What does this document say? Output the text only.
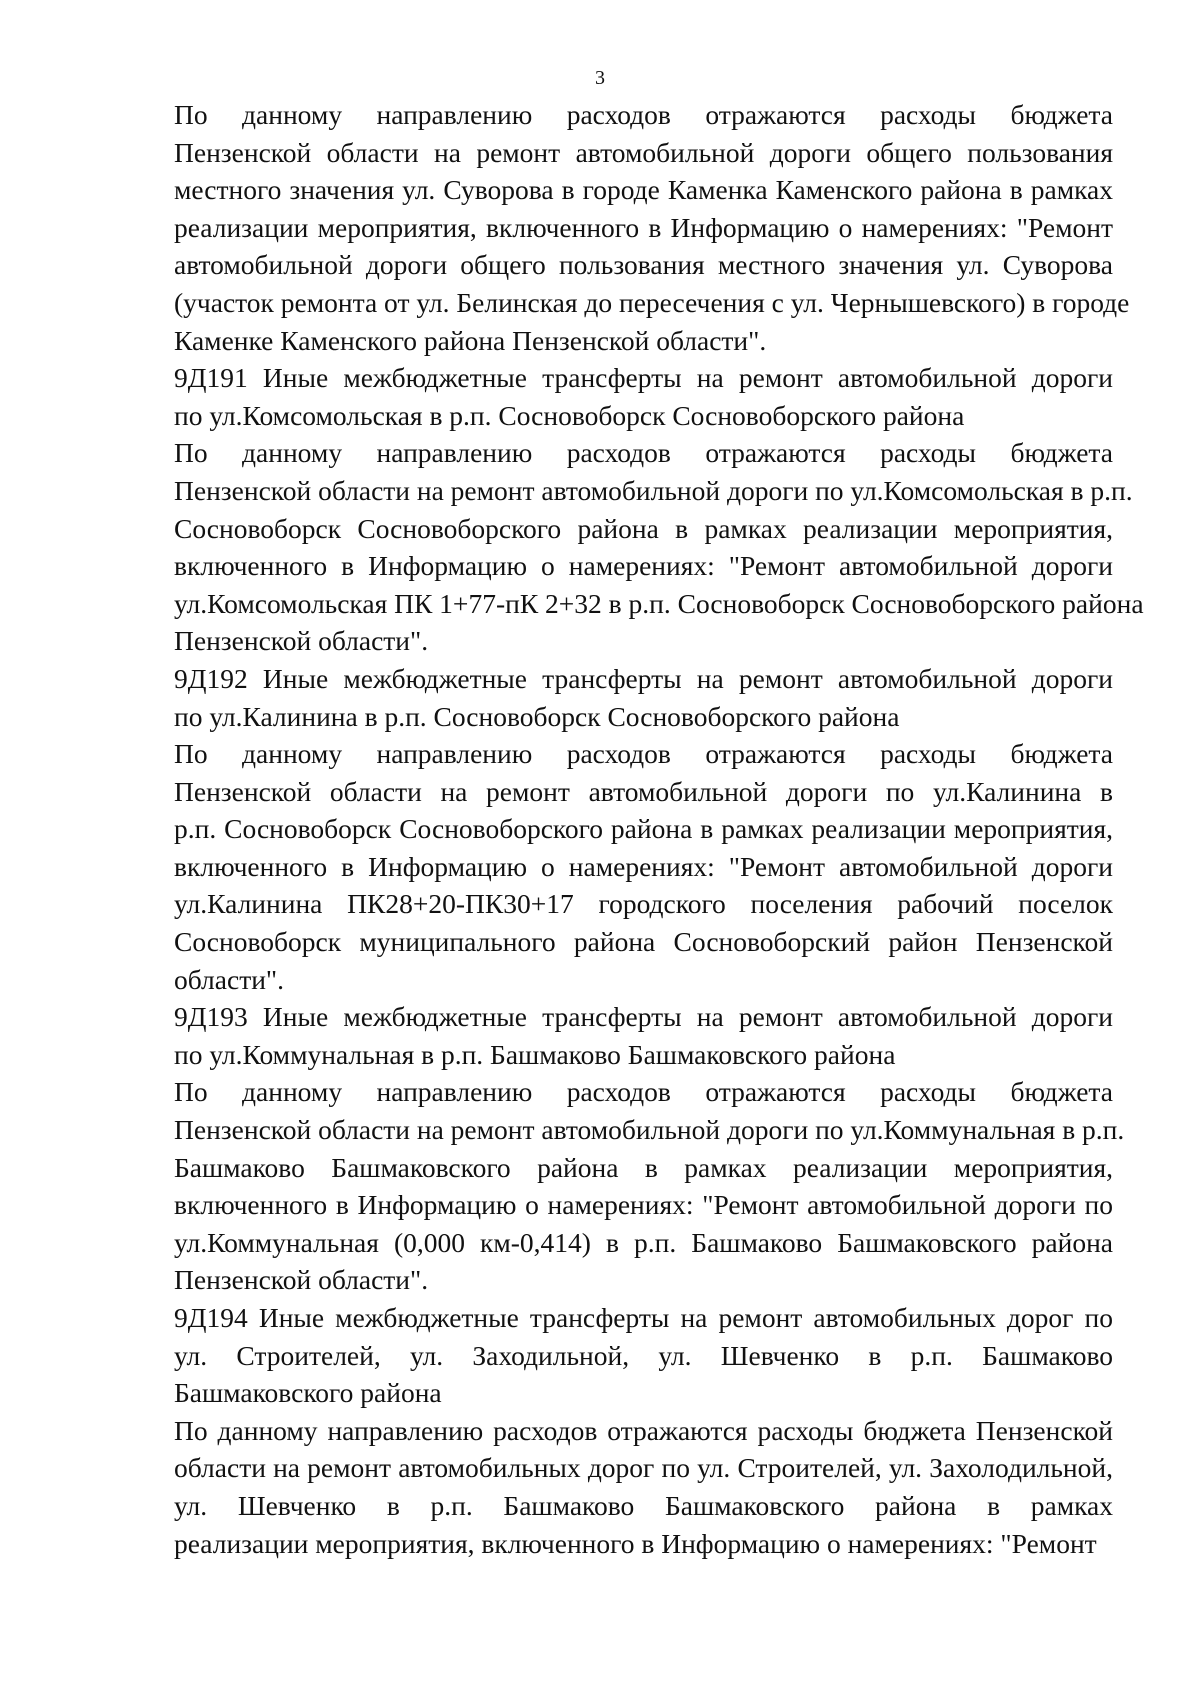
3

По данному направлению расходов отражаются расходы бюджета
Пензенской области на ремонт автомобильной дороги общего пользования
местного значения ул. Суворова в городе Каменка Каменского района в рамках
реализации мероприятия, включенного в Информацию о намерениях: "Ремонт
автомобильной дороги общего пользования местного значения ул. Суворова
(участок ремонта от ул. Белинская до пересечения с ул. Чернышевского) в городе
Каменке Каменского района Пензенской области".

9Д191 Иные межбюджетные трансферты на ремонт автомобильной дороги
по ул.Комсомольская в р.п. Сосновоборск Сосновоборского района

По данному направлению расходов отражаются расходы бюджета
Пензенской области на ремонт автомобильной дороги по ул.Комсомольская в р.п.
Сосновоборск Сосновоборского района в рамках реализации мероприятия,
включенного в Информацию о намерениях: "Ремонт автомобильной дороги
ул.Комсомольская ПК 1+77-пК 2+32 в р.п. Сосновоборск Сосновоборского района
Пензенской области".

9Д192 Иные межбюджетные трансферты на ремонт автомобильной дороги
по ул.Калинина в р.п. Сосновоборск Сосновоборского района

По данному направлению расходов отражаются расходы бюджета
Пензенской области на ремонт автомобильной дороги по ул.Калинина в
р.п. Сосновоборск Сосновоборского района в рамках реализации мероприятия,
включенного в Информацию о намерениях: "Ремонт автомобильной дороги
ул.Калинина ПК28+20-ПК30+17 городского поселения рабочий поселок
Сосновоборск муниципального района Сосновоборский район Пензенской
области".

9Д193 Иные межбюджетные трансферты на ремонт автомобильной дороги
по ул.Коммунальная в р.п. Башмаково Башмаковского района

По данному направлению расходов отражаются расходы бюджета
Пензенской области на ремонт автомобильной дороги по ул.Коммунальная в р.п.
Башмаково Башмаковского района в рамках реализации мероприятия,
включенного в Информацию о намерениях: "Ремонт автомобильной дороги по
ул.Коммунальная (0,000 км-0,414) в р.п. Башмаково Башмаковского района
Пензенской области".

9Д194 Иные межбюджетные трансферты на ремонт автомобильных дорог по
ул. Строителей, ул. Заходильной, ул. Шевченко в р.п. Башмаково
Башмаковского района

По данному направлению расходов отражаются расходы бюджета Пензенской
области на ремонт автомобильных дорог по ул. Строителей, ул. Захолодильной,
ул. Шевченко в р.п. Башмаково Башмаковского района в рамках
реализации мероприятия, включенного в Информацию о намерениях: "Ремонт
